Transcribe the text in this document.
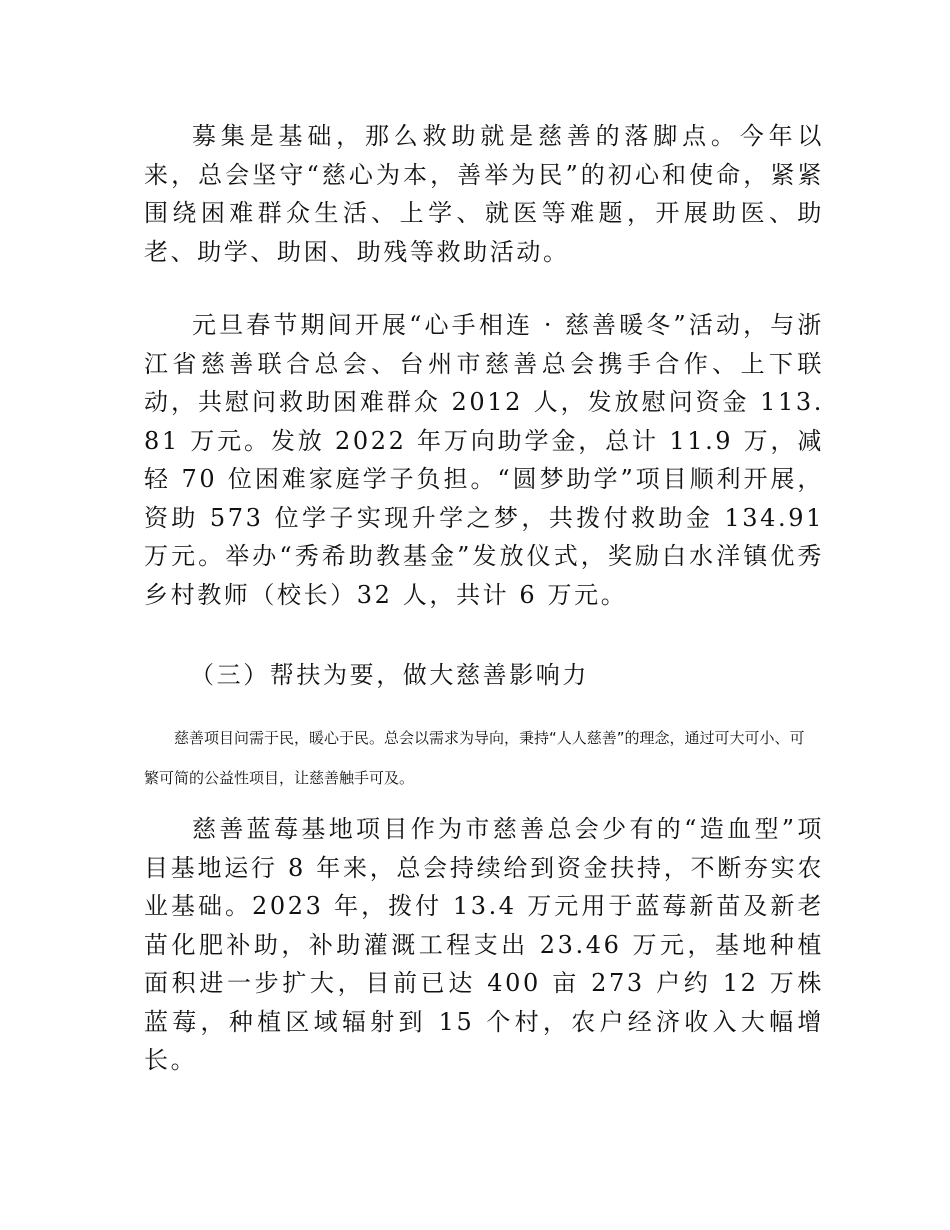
募集是基础，那么救助就是慈善的落脚点。今年以来，总会坚守“慈心为本，善举为民”的初心和使命，紧紧围绕困难群众生活、上学、就医等难题，开展助医、助老、助学、助困、助残等救助活动。

元旦春节期间开展“心手相连 · 慈善暖冬”活动，与浙江省慈善联合总会、台州市慈善总会携手合作、上下联动，共慰问救助困难群众 2012 人，发放慰问资金 113.81 万元。发放 2022 年万向助学金，总计 11.9 万，减轻 70 位困难家庭学子负担。“圆梦助学”项目顺利开展，资助 573 位学子实现升学之梦，共拨付救助金 134.91 万元。举办“秀希助教基金”发放仪式，奖励白水洋镇优秀乡村教师（校长）32 人，共计 6 万元。

（三）帮扶为要，做大慈善影响力

慈善项目问需于民，暖心于民。总会以需求为导向，秉持“人人慈善”的理念，通过可大可小、可繁可简的公益性项目，让慈善触手可及。

慈善蓝莓基地项目作为市慈善总会少有的“造血型”项目基地运行 8 年来，总会持续给到资金扶持，不断夯实农业基础。2023 年，拨付 13.4 万元用于蓝莓新苗及新老苗化肥补助，补助灌溉工程支出 23.46 万元，基地种植面积进一步扩大，目前已达 400 亩 273 户约 12 万株蓝莓，种植区域辐射到 15 个村，农户经济收入大幅增长。
